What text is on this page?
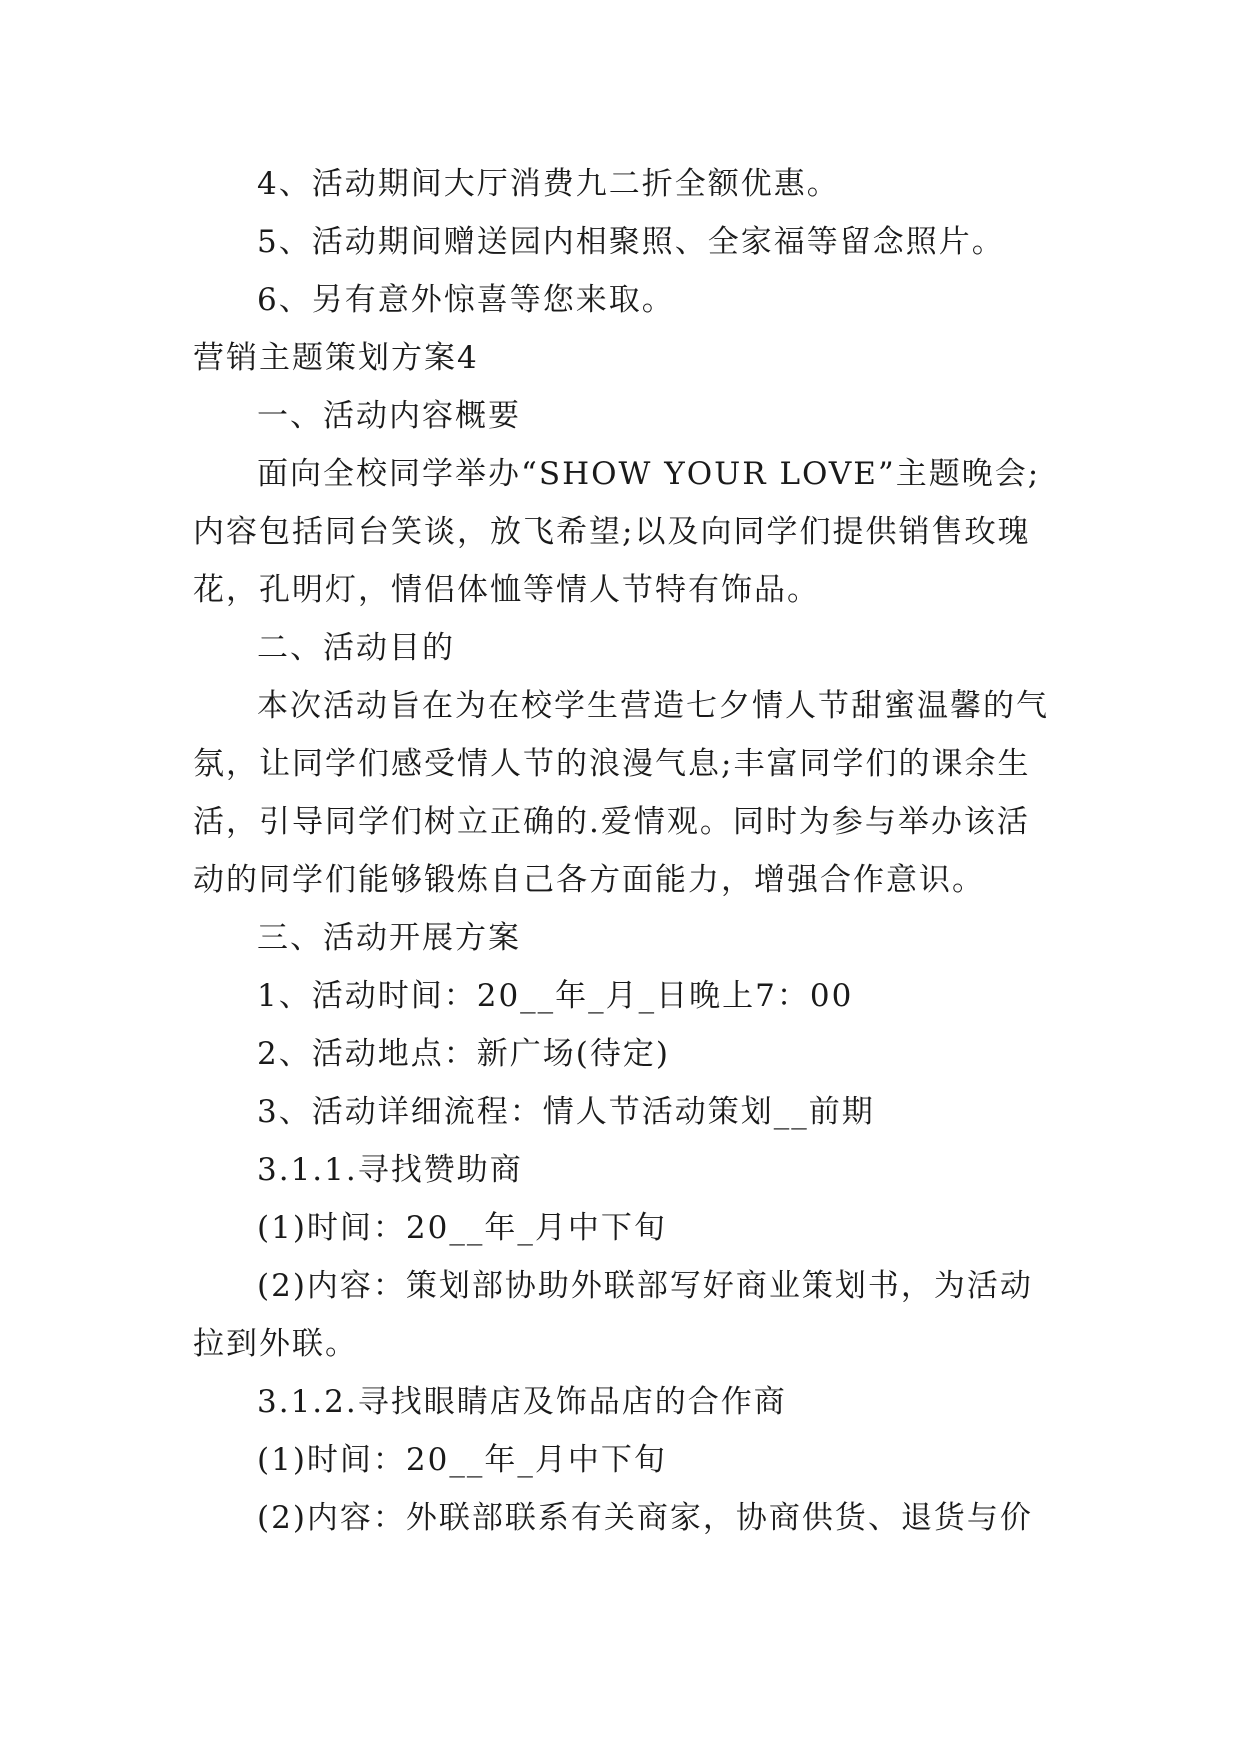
4、活动期间大厅消费九二折全额优惠。

5、活动期间赠送园内相聚照、全家福等留念照片。

6、另有意外惊喜等您来取。

营销主题策划方案4

一、活动内容概要

面向全校同学举办“SHOW YOUR LOVE”主题晚会;内容包括同台笑谈，放飞希望;以及向同学们提供销售玫瑰花，孔明灯，情侣体恤等情人节特有饰品。

二、活动目的

本次活动旨在为在校学生营造七夕情人节甜蜜温馨的气氛，让同学们感受情人节的浪漫气息;丰富同学们的课余生活，引导同学们树立正确的.爱情观。同时为参与举办该活动的同学们能够锻炼自己各方面能力，增强合作意识。

三、活动开展方案

1、活动时间：20__年_月_日晚上7：00

2、活动地点：新广场(待定)

3、活动详细流程：情人节活动策划__前期

3.1.1.寻找赞助商

(1)时间：20__年_月中下旬

(2)内容：策划部协助外联部写好商业策划书，为活动拉到外联。

3.1.2.寻找眼睛店及饰品店的合作商

(1)时间：20__年_月中下旬

(2)内容：外联部联系有关商家，协商供货、退货与价
